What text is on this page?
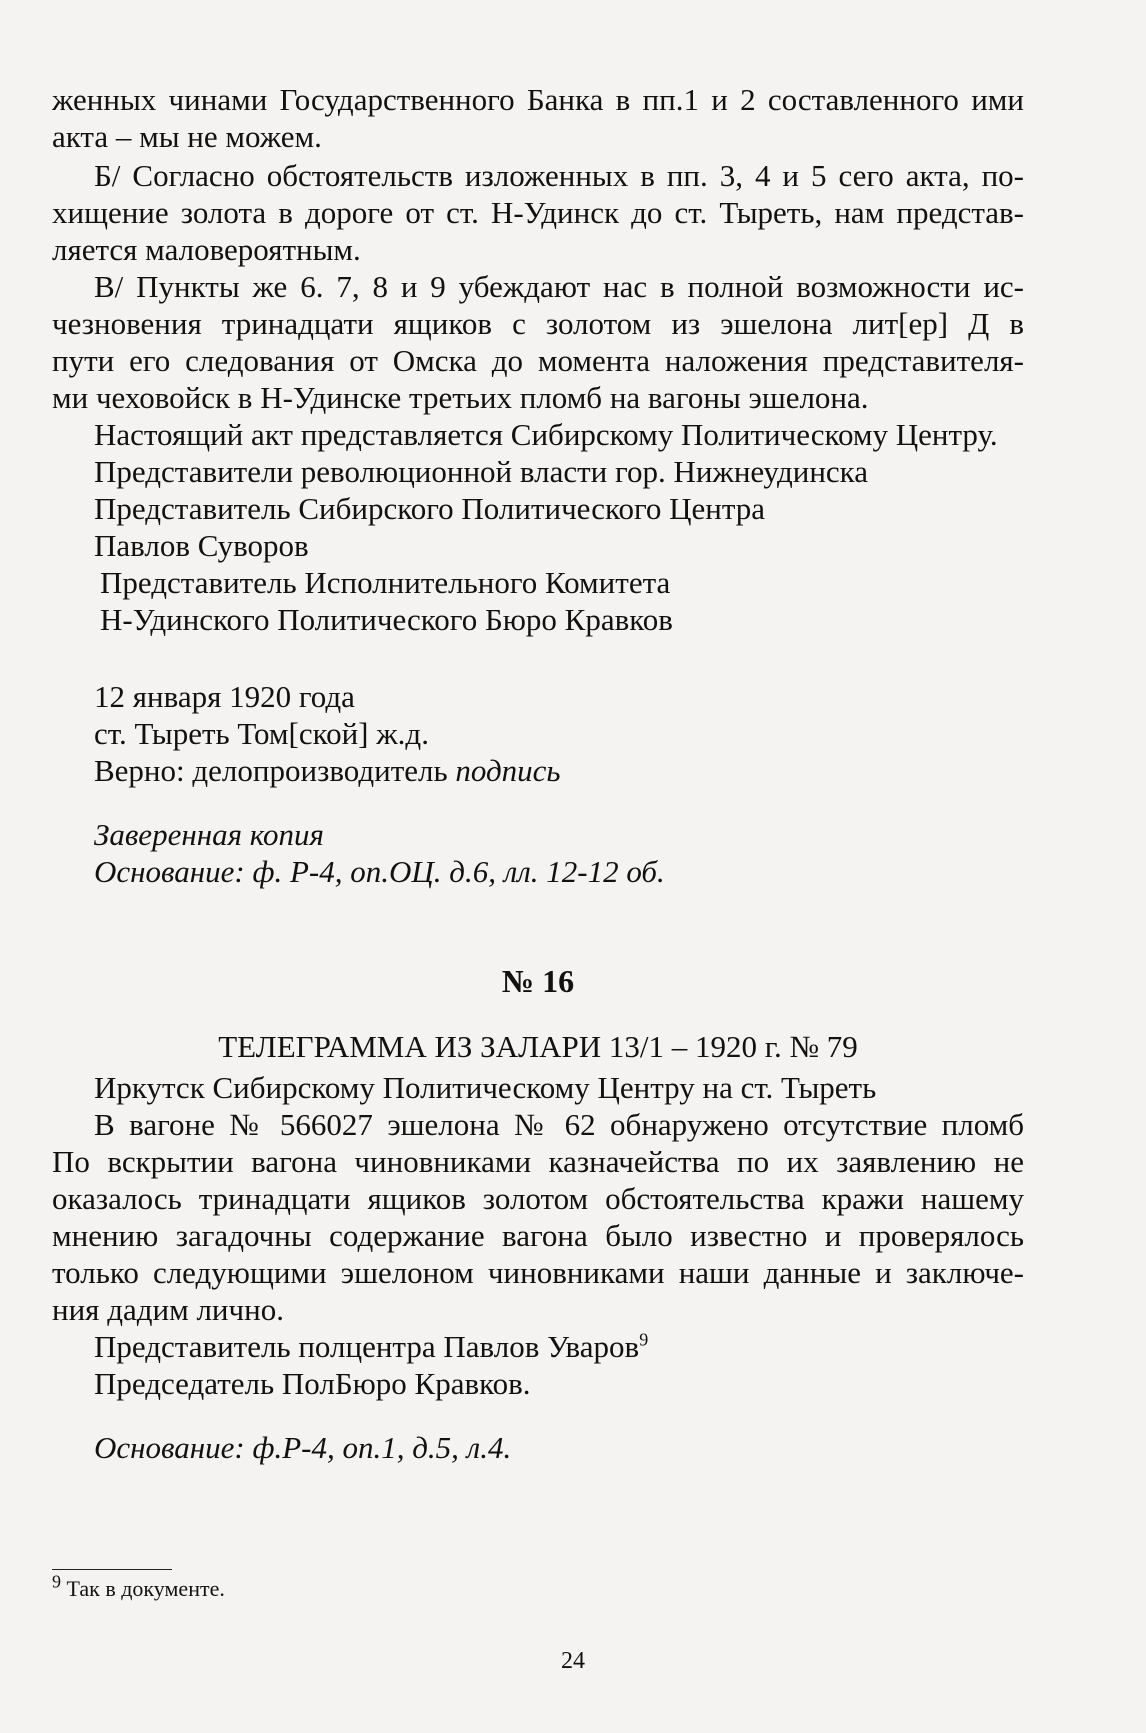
женных чинами Государственного Банка в пп.1 и 2 составленного ими
акта – мы не можем.
Б/ Согласно обстоятельств изложенных в пп. 3, 4 и 5 сего акта, по-
хищение золота в дороге от ст. Н-Удинск до ст. Тыреть, нам представ-
ляется маловероятным.
В/ Пункты же 6. 7, 8 и 9 убеждают нас в полной возможности ис-
чезновения тринадцати ящиков с золотом из эшелона лит[ер] Д в
пути его следования от Омска до момента наложения представителя-
ми чеховойск в Н-Удинске третьих пломб на вагоны эшелона.
Настоящий акт представляется Сибирскому Политическому Центру.
Представители революционной власти гор. Нижнеудинска
Представитель Сибирского Политического Центра
Павлов Суворов
Представитель Исполнительного Комитета
Н-Удинского Политического Бюро Кравков
12 января 1920 года
ст. Тыреть Том[ской] ж.д.
Верно: делопроизводитель подпись
Заверенная копия
Основание: ф. Р-4, оп.ОЦ. д.6, лл. 12-12 об.
№ 16
ТЕЛЕГРАММА ИЗ ЗАЛАРИ 13/1 – 1920 г. № 79
Иркутск Сибирскому Политическому Центру на ст. Тыреть
В вагоне № 566027 эшелона № 62 обнаружено отсутствие пломб
По вскрытии вагона чиновниками казначейства по их заявлению не
оказалось тринадцати ящиков золотом обстоятельства кражи нашему
мнению загадочны содержание вагона было известно и проверялось
только следующими эшелоном чиновниками наши данные и заключе-
ния дадим лично.
Представитель полцентра Павлов Уваров$^9$
Председатель ПолБюро Кравков.
Основание: ф.Р-4, оп.1, д.5, л.4.
$^9$ Так в документе.
24
